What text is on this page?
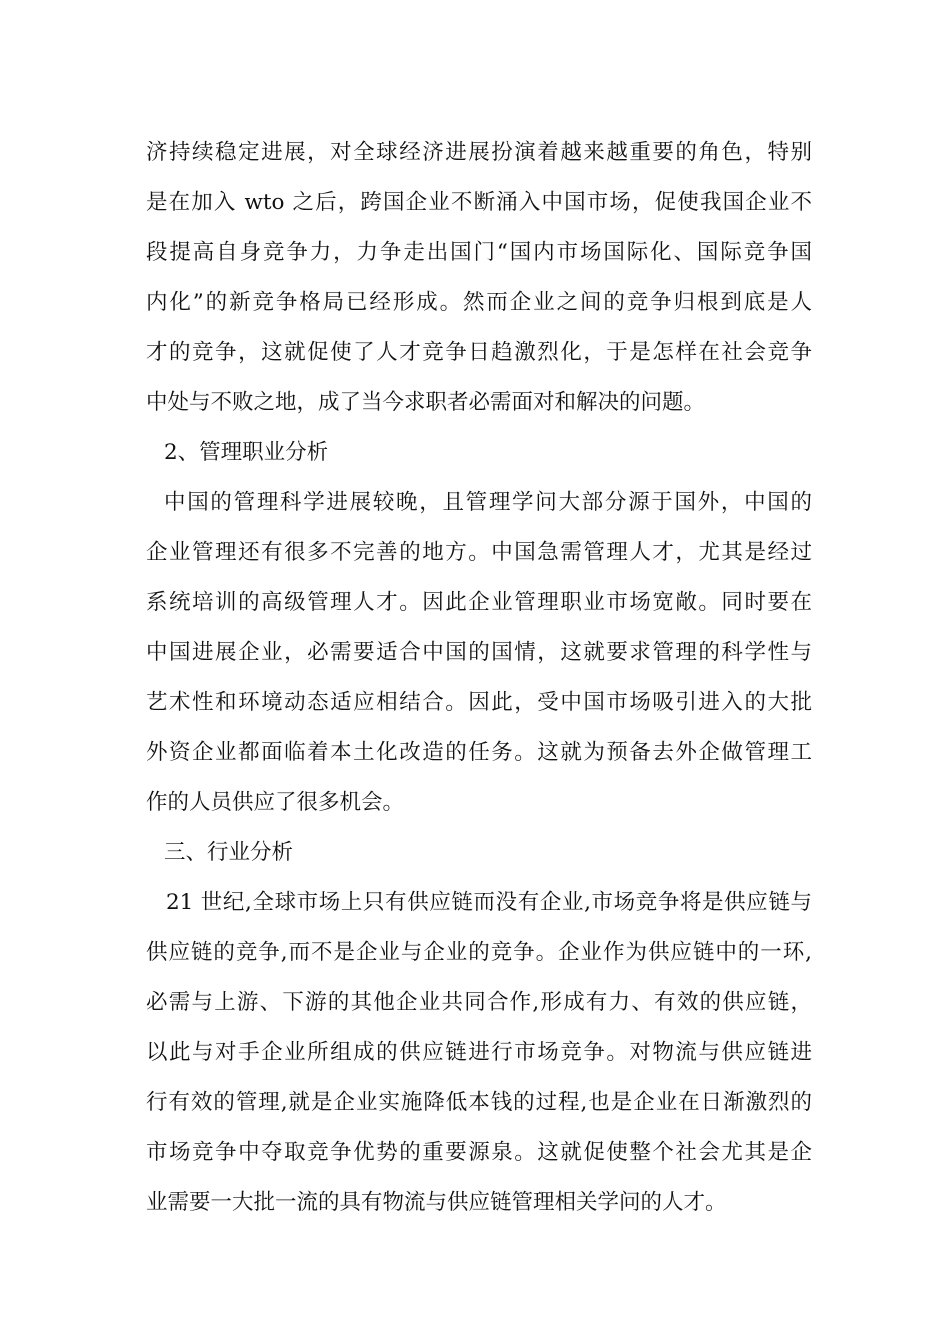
济持续稳定进展，对全球经济进展扮演着越来越重要的角色，特别
是在加入 wto 之后，跨国企业不断涌入中国市场，促使我国企业不
段提高自身竞争力，力争走出国门“国内市场国际化、国际竞争国
内化”的新竞争格局已经形成。然而企业之间的竞争归根到底是人
才的竞争，这就促使了人才竞争日趋激烈化，于是怎样在社会竞争
中处与不败之地，成了当今求职者必需面对和解决的问题。
2、管理职业分析
中国的管理科学进展较晚，且管理学问大部分源于国外，中国的
企业管理还有很多不完善的地方。中国急需管理人才，尤其是经过
系统培训的高级管理人才。因此企业管理职业市场宽敞。同时要在
中国进展企业，必需要适合中国的国情，这就要求管理的科学性与
艺术性和环境动态适应相结合。因此，受中国市场吸引进入的大批
外资企业都面临着本土化改造的任务。这就为预备去外企做管理工
作的人员供应了很多机会。
三、行业分析
21 世纪,全球市场上只有供应链而没有企业,市场竞争将是供应链与
供应链的竞争,而不是企业与企业的竞争。企业作为供应链中的一环,
必需与上游、下游的其他企业共同合作,形成有力、有效的供应链，
以此与对手企业所组成的供应链进行市场竞争。对物流与供应链进
行有效的管理,就是企业实施降低本钱的过程,也是企业在日渐激烈的
市场竞争中夺取竞争优势的重要源泉。这就促使整个社会尤其是企
业需要一大批一流的具有物流与供应链管理相关学问的人才。
